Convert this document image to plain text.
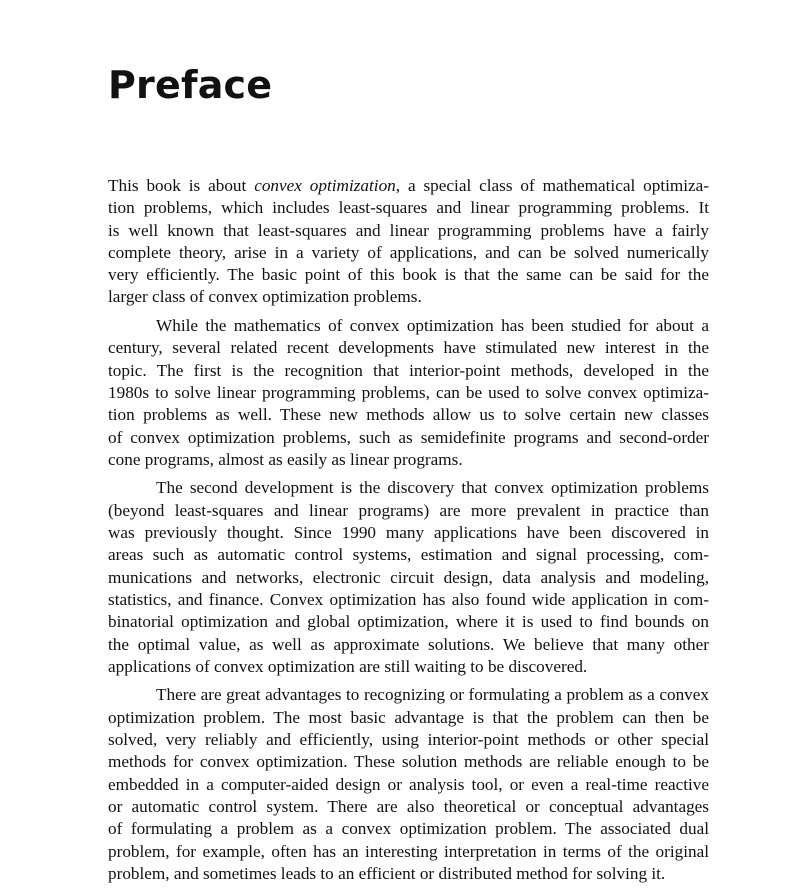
Preface

This book is about convex optimization, a special class of mathematical optimiza-
tion problems, which includes least-squares and linear programming problems. It
is well known that least-squares and linear programming problems have a fairly
complete theory, arise in a variety of applications, and can be solved numerically
very efficiently. The basic point of this book is that the same can be said for the
larger class of convex optimization problems.

While the mathematics of convex optimization has been studied for about a
century, several related recent developments have stimulated new interest in the
topic. The first is the recognition that interior-point methods, developed in the
1980s to solve linear programming problems, can be used to solve convex optimiza-
tion problems as well. These new methods allow us to solve certain new classes
of convex optimization problems, such as semidefinite programs and second-order
cone programs, almost as easily as linear programs.

The second development is the discovery that convex optimization problems
(beyond least-squares and linear programs) are more prevalent in practice than
was previously thought. Since 1990 many applications have been discovered in
areas such as automatic control systems, estimation and signal processing, com-
munications and networks, electronic circuit design, data analysis and modeling,
statistics, and finance. Convex optimization has also found wide application in com-
binatorial optimization and global optimization, where it is used to find bounds on
the optimal value, as well as approximate solutions. We believe that many other
applications of convex optimization are still waiting to be discovered.

There are great advantages to recognizing or formulating a problem as a convex
optimization problem. The most basic advantage is that the problem can then be
solved, very reliably and efficiently, using interior-point methods or other special
methods for convex optimization. These solution methods are reliable enough to be
embedded in a computer-aided design or analysis tool, or even a real-time reactive
or automatic control system. There are also theoretical or conceptual advantages
of formulating a problem as a convex optimization problem. The associated dual
problem, for example, often has an interesting interpretation in terms of the original
problem, and sometimes leads to an efficient or distributed method for solving it.
